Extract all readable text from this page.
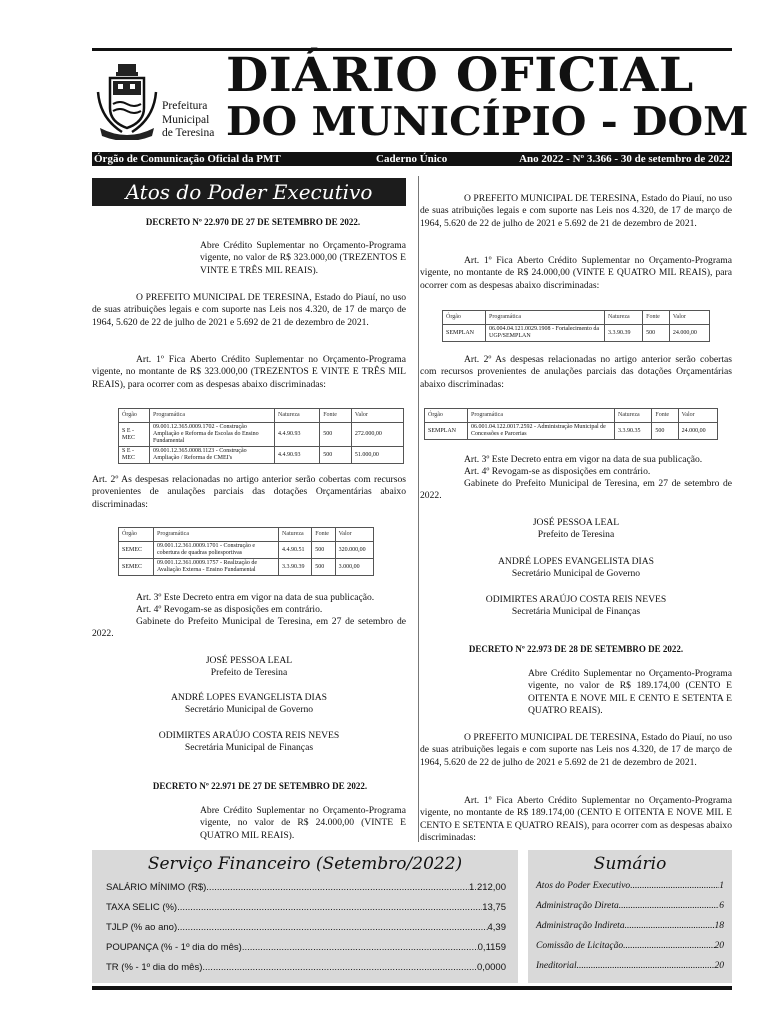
Prefeitura
Municipal
de Teresina
DIÁRIO OFICIAL
DO MUNICÍPIO - DOM
Órgão de Comunicação Oficial da PMT	Caderno Único	Ano 2022 - Nº 3.366 - 30 de setembro de 2022
Atos do Poder Executivo
DECRETO Nº 22.970 DE 27 DE SETEMBRO DE 2022.
Abre Crédito Suplementar no Orçamento-Programa vigente, no valor de R$ 323.000,00 (TREZENTOS E VINTE E TRÊS MIL REAIS).
O PREFEITO MUNICIPAL DE TERESINA, Estado do Piauí, no uso de suas atribuições legais e com suporte nas Leis nos 4.320, de 17 de março de 1964, 5.620 de 22 de julho de 2021 e 5.692 de 21 de dezembro de 2021.
Art. 1º Fica Aberto Crédito Suplementar no Orçamento-Programa vigente, no montante de R$ 323.000,00 (TREZENTOS E VINTE E TRÊS MIL REAIS), para ocorrer com as despesas abaixo discriminadas:
Órgão	Programática	Natureza	Fonte	Valor
S E - MEC	09.001.12.365.0009.1702 - Construção Ampliação e Reforma de Escolas do Ensino Fundamental	4.4.90.93	500	272.000,00
S E - MEC	09.001.12.365.0008.1123 - Construção Ampliação / Reforma de CMEI's	4.4.90.93	500	51.000,00
Art. 2º As despesas relacionadas no artigo anterior serão cobertas com recursos provenientes de anulações parciais das dotações Orçamentárias abaixo discriminadas:
Órgão	Programática	Natureza	Fonte	Valor
SEMEC	09.001.12.361.0009.1701 - Construção e cobertura de quadras poliesportivas	4.4.90.51	500	320.000,00
SEMEC	09.001.12.361.0009.1757 - Realização de Avaliação Externa - Ensino Fundamental	3.3.90.39	500	3.000,00
Art. 3º Este Decreto entra em vigor na data de sua publicação.
Art. 4º Revogam-se as disposições em contrário.
Gabinete do Prefeito Municipal de Teresina, em 27 de setembro de 2022.
JOSÉ PESSOA LEAL
Prefeito de Teresina
ANDRÉ LOPES EVANGELISTA DIAS
Secretário Municipal de Governo
ODIMIRTES ARAÚJO COSTA REIS NEVES
Secretária Municipal de Finanças
DECRETO Nº 22.971 DE 27 DE SETEMBRO DE 2022.
Abre Crédito Suplementar no Orçamento-Programa vigente, no valor de R$ 24.000,00 (VINTE E QUATRO MIL REAIS).
O PREFEITO MUNICIPAL DE TERESINA, Estado do Piauí, no uso de suas atribuições legais e com suporte nas Leis nos 4.320, de 17 de março de 1964, 5.620 de 22 de julho de 2021 e 5.692 de 21 de dezembro de 2021.
Art. 1º Fica Aberto Crédito Suplementar no Orçamento-Programa vigente, no montante de R$ 24.000,00 (VINTE E QUATRO MIL REAIS), para ocorrer com as despesas abaixo discriminadas:
Órgão	Programática	Natureza	Fonte	Valor
SEMPLAN	06.004.04.121.0029.1908 - Fortalecimento da UGP/SEMPLAN	3.3.90.39	500	24.000,00
Art. 2º As despesas relacionadas no artigo anterior serão cobertas com recursos provenientes de anulações parciais das dotações Orçamentárias abaixo discriminadas:
Órgão	Programática	Natureza	Fonte	Valor
SEMPLAN	06.001.04.122.0017.2592 - Administração Municipal de Concessões e Parcerias	3.3.90.35	500	24.000,00
Art. 3º Este Decreto entra em vigor na data de sua publicação.
Art. 4º Revogam-se as disposições em contrário.
Gabinete do Prefeito Municipal de Teresina, em 27 de setembro de 2022.
JOSÉ PESSOA LEAL
Prefeito de Teresina
ANDRÉ LOPES EVANGELISTA DIAS
Secretário Municipal de Governo
ODIMIRTES ARAÚJO COSTA REIS NEVES
Secretária Municipal de Finanças
DECRETO Nº 22.973 DE 28 DE SETEMBRO DE 2022.
Abre Crédito Suplementar no Orçamento-Programa vigente, no valor de R$ 189.174,00 (CENTO E OITENTA E NOVE MIL E CENTO E SETENTA E QUATRO REAIS).
O PREFEITO MUNICIPAL DE TERESINA, Estado do Piauí, no uso de suas atribuições legais e com suporte nas Leis nos 4.320, de 17 de março de 1964, 5.620 de 22 de julho de 2021 e 5.692 de 21 de dezembro de 2021.
Art. 1º Fica Aberto Crédito Suplementar no Orçamento-Programa vigente, no montante de R$ 189.174,00 (CENTO E OITENTA E NOVE MIL E CENTO E SETENTA E QUATRO REAIS), para ocorrer com as despesas abaixo discriminadas:
Serviço Financeiro (Setembro/2022)
SALÁRIO MÍNIMO (R$) .....	1.212,00
TAXA SELIC (%) .....	13,75
TJLP (% ao ano) .....	4,39
POUPANÇA (% - 1º dia do mês) .....	0,1159
TR (% - 1º dia do mês) .....	0,0000
Sumário
Atos do Poder Executivo .....	1
Administração Direta .....	6
Administração Indireta .....	18
Comissão de Licitação .....	20
Ineditorial .....	20
